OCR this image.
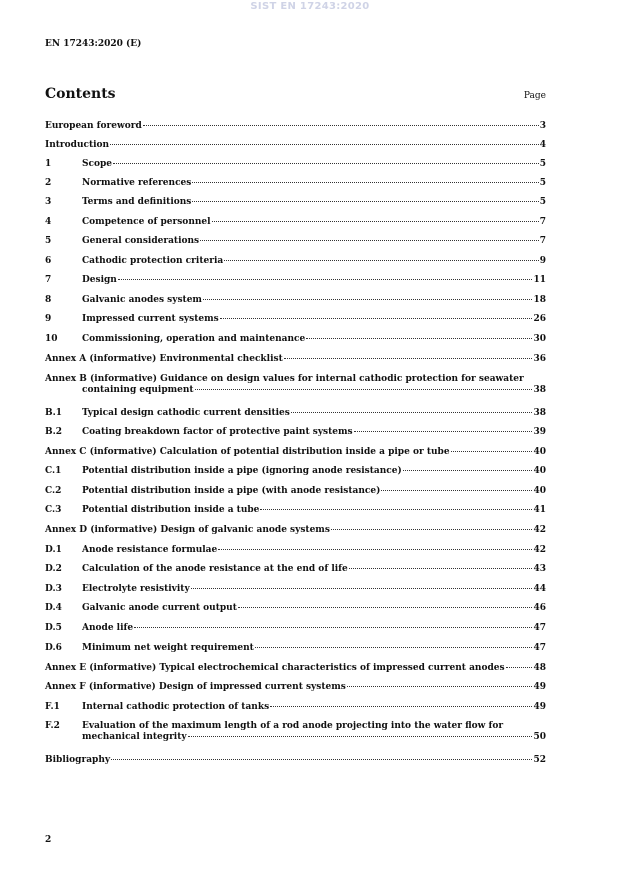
SIST EN 17243:2020
EN 17243:2020 (E)
Contents	Page
European foreword	3
Introduction	4
1	Scope	5
2	Normative references	5
3	Terms and definitions	5
4	Competence of personnel	7
5	General considerations	7
6	Cathodic protection criteria	9
7	Design	11
8	Galvanic anodes system	18
9	Impressed current systems	26
10	Commissioning, operation and maintenance	30
Annex A (informative) Environmental checklist	36
Annex B (informative) Guidance on design values for internal cathodic protection for seawater
containing equipment	38
B.1 Typical design cathodic current densities	38
B.2 Coating breakdown factor of protective paint systems	39
Annex C (informative) Calculation of potential distribution inside a pipe or tube	40
C.1 Potential distribution inside a pipe (ignoring anode resistance)	40
C.2 Potential distribution inside a pipe (with anode resistance)	40
C.3 Potential distribution inside a tube	41
Annex D (informative) Design of galvanic anode systems	42
D.1 Anode resistance formulae	42
D.2 Calculation of the anode resistance at the end of life	43
D.3 Electrolyte resistivity	44
D.4 Galvanic anode current output	46
D.5 Anode life	47
D.6 Minimum net weight requirement	47
Annex E (informative) Typical electrochemical characteristics of impressed current anodes	48
Annex F (informative) Design of impressed current systems	49
F.1 Internal cathodic protection of tanks	49
F.2 Evaluation of the maximum length of a rod anode projecting into the water flow for
mechanical integrity	50
Bibliography	52
2
